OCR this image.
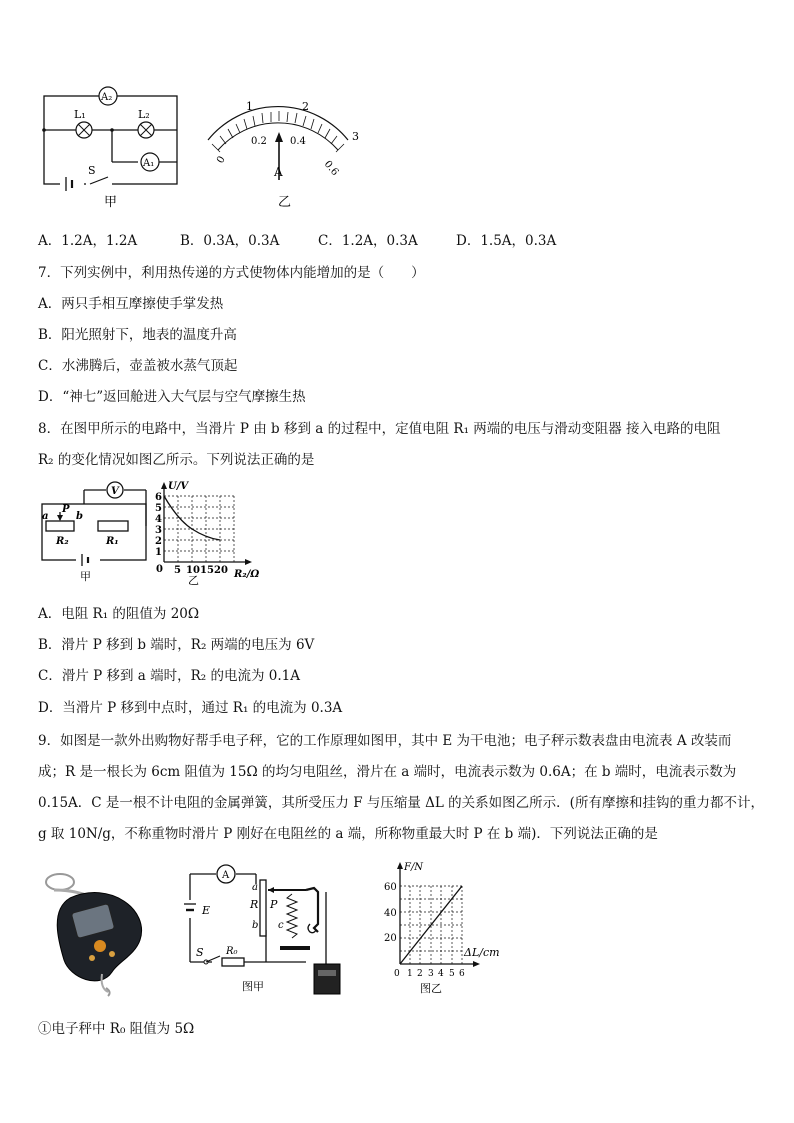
A₂
L₁	L₂
A₁
S
甲
1	2
3
0
0.2 0.4
0.6
A
乙
A．1.2A，1.2A	B．0.3A，0.3A	C．1.2A，0.3A	D．1.5A，0.3A
7．下列实例中，利用热传递的方式使物体内能增加的是（　　）
A．两只手相互摩擦使手掌发热
B．阳光照射下，地表的温度升高
C．水沸腾后，壶盖被水蒸气顶起
D．“神七”返回舱进入大气层与空气摩擦生热
8．在图甲所示的电路中，当滑片 P 由 b 移到 a 的过程中，定值电阻 R₁ 两端的电压与滑动变阻器 接入电路的电阻
R₂ 的变化情况如图乙所示。下列说法正确的是
V
a
P
b
R₂	R₁
甲
U/V
1
2
3
4
5
6
0 5 10 15 20 R₂/Ω
乙
A．电阻 R₁ 的阻值为 20Ω
B．滑片 P 移到 b 端时，R₂ 两端的电压为 6V
C．滑片 P 移到 a 端时，R₂ 的电流为 0.1A
D．当滑片 P 移到中点时，通过 R₁ 的电流为 0.3A
9．如图是一款外出购物好帮手电子秤，它的工作原理如图甲，其中 E 为干电池；电子秤示数表盘由电流表 A 改装而
成；R 是一根长为 6cm 阻值为 15Ω 的均匀电阻丝，滑片在 a 端时，电流表示数为 0.6A；在 b 端时，电流表示数为
0.15A．C 是一根不计电阻的金属弹簧，其所受压力 F 与压缩量 ΔL 的关系如图乙所示．(所有摩擦和挂钩的重力都不计，
g 取 10N/g，不称重物时滑片 P 刚好在电阻丝的 a 端，所称物重最大时 P 在 b 端)．下列说法正确的是
A
E
a
R
b
P
c
S R₀
图甲
F/N
20
40
60
0 1 2 3 4 5 6
ΔL/cm
图乙
①电子秤中 R₀ 阻值为 5Ω
